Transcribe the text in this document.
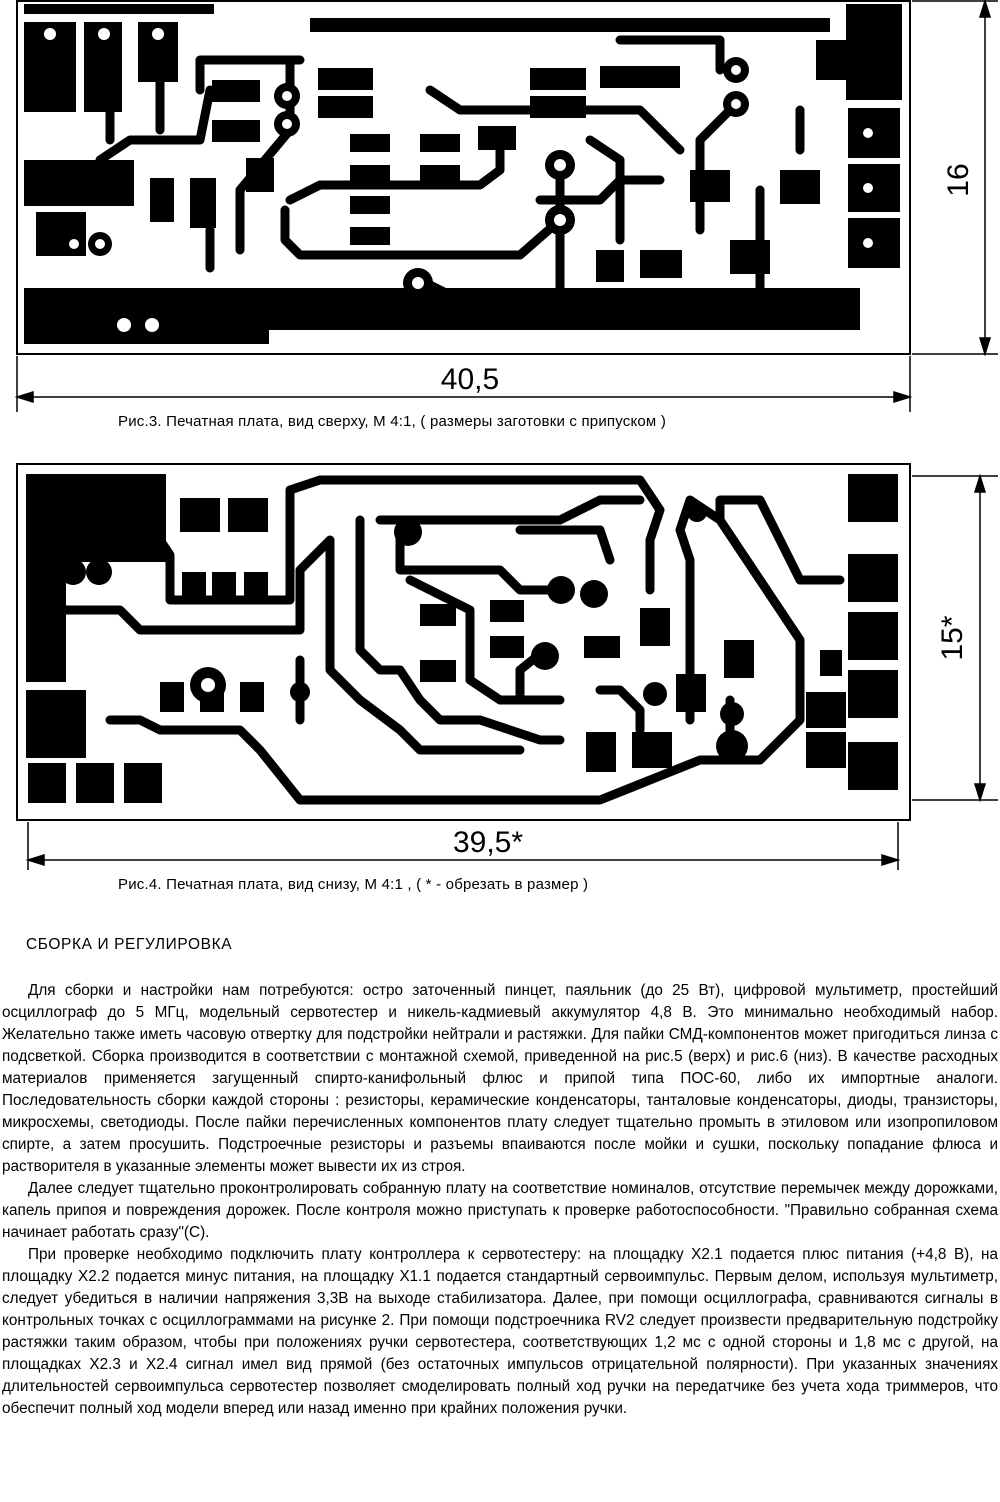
40,5
16
Рис.3. Печатная плата, вид сверху, М 4:1, ( размеры заготовки с припуском )
39,5*
15*
Рис.4. Печатная плата, вид снизу, М 4:1 , ( * - обрезать в размер )
СБОРКА И РЕГУЛИРОВКА

Для сборки и настройки нам потребуются: остро заточенный пинцет, паяльник (до 25 Вт), цифровой мультиметр, простейший осциллограф до 5 МГц, модельный сервотестер и никель-кадмиевый аккумулятор 4,8 В. Это минимально необходимый набор. Желательно также иметь часовую отвертку для подстройки нейтрали и растяжки. Для пайки СМД-компонентов может пригодиться линза с подсветкой. Сборка производится в соответствии с монтажной схемой, приведенной на рис.5 (верх) и рис.6 (низ). В качестве расходных материалов применяется загущенный спирто-канифольный флюс и припой типа ПОС-60, либо их импортные аналоги. Последовательность сборки каждой стороны : резисторы, керамические конденсаторы, танталовые конденсаторы, диоды, транзисторы, микросхемы, светодиоды. После пайки перечисленных компонентов плату следует тщательно промыть в этиловом или изопропиловом спирте, а затем просушить. Подстроечные резисторы и разъемы впаиваются после мойки и сушки, поскольку попадание флюса и растворителя в указанные элементы может вывести их из строя.

Далее следует тщательно проконтролировать собранную плату на соответствие номиналов, отсутствие перемычек между дорожками, капель припоя и повреждения дорожек. После контроля можно приступать к проверке работоспособности. "Правильно собранная схема начинает работать сразу"(С).

При проверке необходимо подключить плату контроллера к сервотестеру: на площадку Х2.1 подается плюс питания (+4,8 В), на площадку Х2.2 подается минус питания, на площадку Х1.1 подается стандартный сервоимпульс. Первым делом, используя мультиметр, следует убедиться в наличии напряжения 3,3В на выходе стабилизатора. Далее, при помощи осциллографа, сравниваются сигналы в контрольных точках с осциллограммами на рисунке 2. При помощи подстроечника RV2 следует произвести предварительную подстройку растяжки таким образом, чтобы при положениях ручки сервотестера, соответствующих 1,2 мс с одной стороны и 1,8 мс с другой, на площадках Х2.3 и Х2.4 сигнал имел вид прямой (без остаточных импульсов отрицательной полярности). При указанных значениях длительностей сервоимпульса сервотестер позволяет смоделировать полный ход ручки на передатчике без учета хода триммеров, что обеспечит полный ход модели вперед или назад именно при крайних положения ручки.
